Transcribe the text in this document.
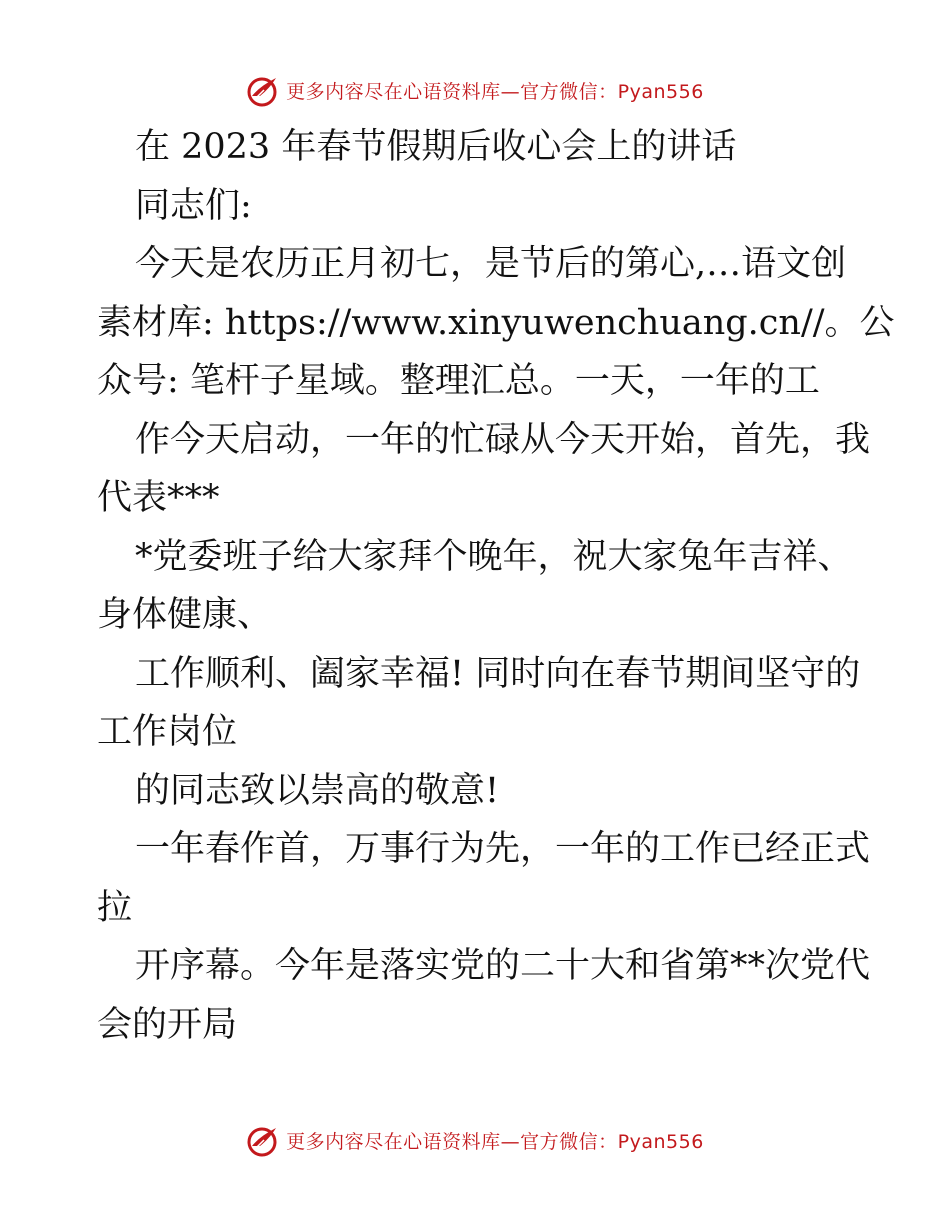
更多内容尽在心语资料库—官方微信：Pyan556
在 2023 年春节假期后收心会上的讲话
同志们:
今天是农历正月初七，是节后的第心,…语文创
素材库: https://www.xinyuwenchuang.cn//。公
众号: 笔杆子星域。整理汇总。一天，一年的工
作今天启动，一年的忙碌从今天开始，首先，我
代表***
*党委班子给大家拜个晚年，祝大家兔年吉祥、
身体健康、
工作顺利、阖家幸福! 同时向在春节期间坚守的
工作岗位
的同志致以崇高的敬意!
一年春作首，万事行为先，一年的工作已经正式
拉
开序幕。今年是落实党的二十大和省第**次党代
会的开局
更多内容尽在心语资料库—官方微信：Pyan556
